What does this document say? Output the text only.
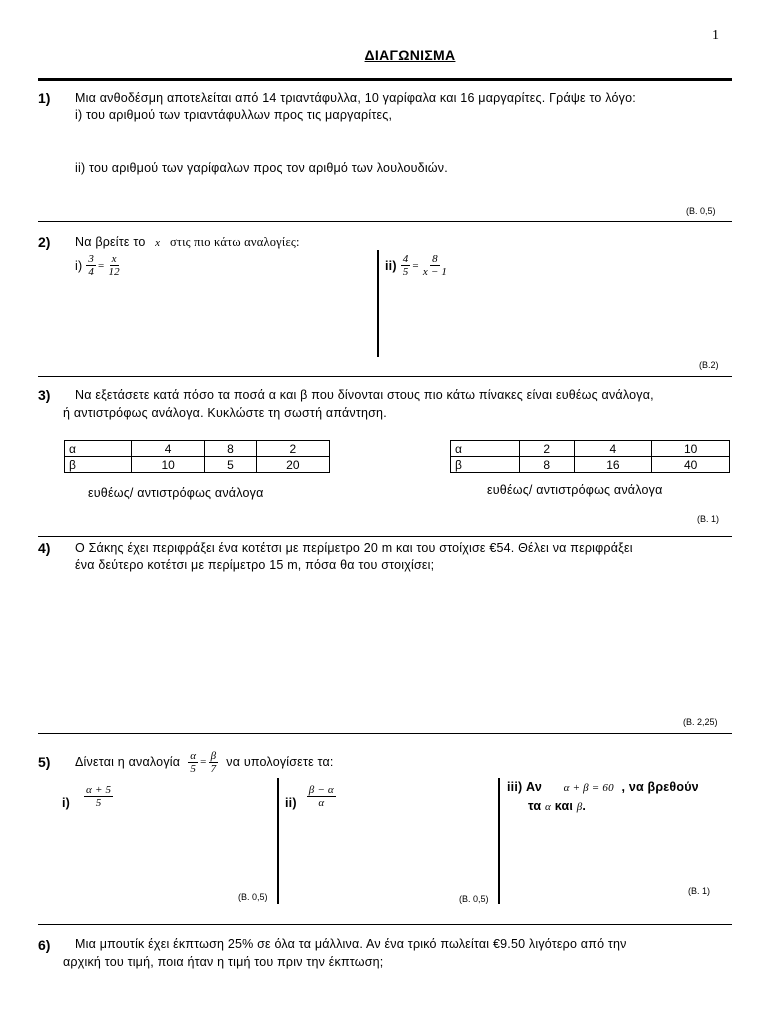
1
ΔΙΑΓΩΝΙΣΜΑ
1) Μια ανθοδέσμη αποτελείται από 14 τριαντάφυλλα, 10 γαρίφαλα και 16 μαργαρίτες. Γράψε το λόγο:
i) του αριθμού των τριαντάφυλλων προς τις μαργαρίτες,
ii) του αριθμού των γαρίφαλων προς τον αριθμό των λουλουδιών.
(Β. 0,5)
2) Να βρείτε το x στις πιο κάτω αναλογίες:
$i) \frac{3}{4} = \frac{x}{12}$	$ii) \frac{4}{5} = \frac{8}{x - 1}$
(Β.2)
3) Να εξετάσετε κατά πόσο τα ποσά α και β που δίνονται στους πιο κάτω πίνακες είναι ευθέως ανάλογα,
ή αντιστρόφως ανάλογα. Κυκλώστε τη σωστή απάντηση.
α	4	8	2
β	10	5	20
α	2	4	10
β	8	16	40
ευθέως/ αντιστρόφως ανάλογα	ευθέως/ αντιστρόφως ανάλογα
(Β. 1)
4) Ο Σάκης έχει περιφράξει ένα κοτέτσι με περίμετρο 20 m και του στοίχισε €54. Θέλει να περιφράξει
ένα δεύτερο κοτέτσι με περίμετρο 15 m, πόσα θα του στοιχίσει;
(Β. 2,25)
5) Δίνεται η αναλογία $\frac{\alpha}{5} = \frac{\beta}{7}$ να υπολογίσετε τα:
$i) \frac{\alpha + 5}{5}$	$ii) \frac{\beta - \alpha}{\alpha}$	iii) Αν α + β = 60 , να βρεθούν
τα α και β.
(Β. 0,5)	(Β. 0,5)
(Β. 1)
6) Μια μπουτίκ έχει έκπτωση 25% σε όλα τα μάλλινα. Αν ένα τρικό πωλείται €9.50 λιγότερο από την
αρχική του τιμή, ποια ήταν η τιμή του πριν την έκπτωση;
